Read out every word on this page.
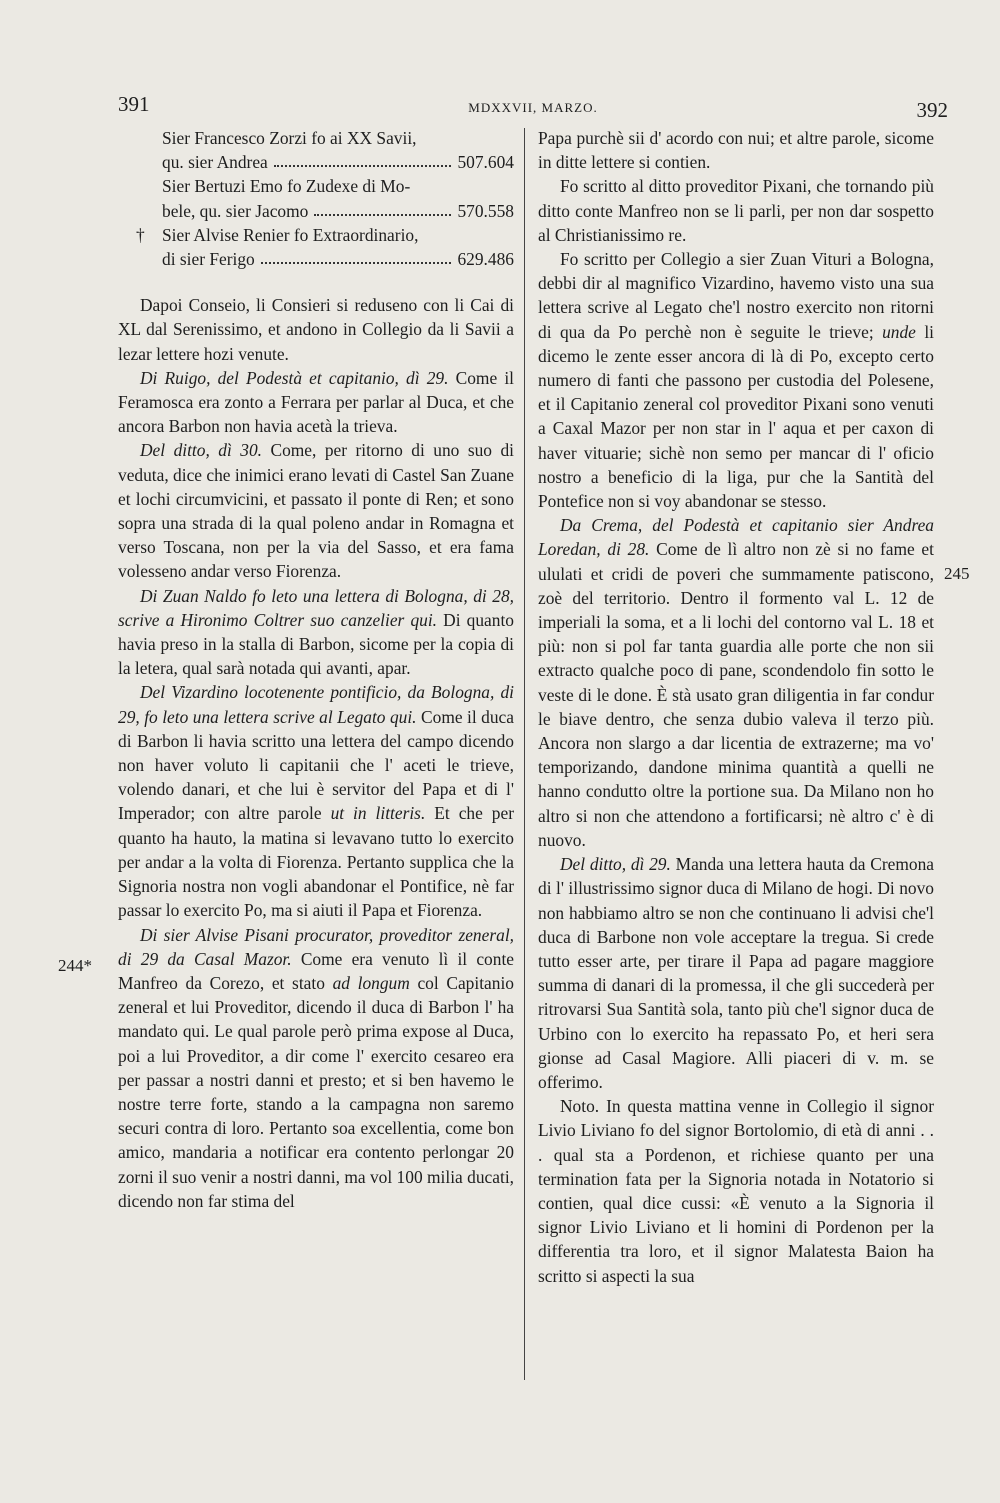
391	MDXXVII, MARZO.	392
244*
245
Sier Francesco Zorzi fo ai XX Savii,
qu. sier Andrea	507.604
Sier Bertuzi Emo fo Zudexe di Mo-
bele, qu. sier Jacomo	570.558
† Sier Alvise Renier fo Extraordinario,
di sier Ferigo	629.486

Dapoi Conseio, li Consieri si reduseno con li Cai di XL dal Serenissimo, et andono in Collegio da li Savii a lezar lettere hozi venute.

Di Ruigo, del Podestà et capitanio, dì 29. Come il Feramosca era zonto a Ferrara per parlar al Duca, et che ancora Barbon non havia acetà la trieva.

Del ditto, dì 30. Come, per ritorno di uno suo di veduta, dice che inimici erano levati di Castel San Zuane et lochi circumvicini, et passato il ponte di Ren; et sono sopra una strada di la qual poleno andar in Romagna et verso Toscana, non per la via del Sasso, et era fama volesseno andar verso Fiorenza.

Di Zuan Naldo fo leto una lettera di Bologna, di 28, scrive a Hironimo Coltrer suo canzelier qui. Di quanto havia preso in la stalla di Barbon, sicome per la copia di la letera, qual sarà notada qui avanti, apar.

Del Vizardino locotenente pontificio, da Bologna, di 29, fo leto una lettera scrive al Legato qui. Come il duca di Barbon li havia scritto una lettera del campo dicendo non haver voluto li capitanii che l' aceti le trieve, volendo danari, et che lui è servitor del Papa et di l' Imperador; con altre parole ut in litteris. Et che per quanto ha hauto, la matina si levavano tutto lo exercito per andar a la volta di Fiorenza. Pertanto supplica che la Signoria nostra non vogli abandonar el Pontifice, nè far passar lo exercito Po, ma si aiuti il Papa et Fiorenza.

Di sier Alvise Pisani procurator, proveditor zeneral, di 29 da Casal Mazor. Come era venuto lì il conte Manfreo da Corezo, et stato ad longum col Capitanio zeneral et lui Proveditor, dicendo il duca di Barbon l' ha mandato qui. Le qual parole però prima expose al Duca, poi a lui Proveditor, a dir come l' exercito cesareo era per passar a nostri danni et presto; et si ben havemo le nostre terre forte, stando a la campagna non saremo securi contra di loro. Pertanto soa excellentia, come bon amico, mandaria a notificar era contento perlongar 20 zorni il suo venir a nostri danni, ma vol 100 milia ducati, dicendo non far stima del

Papa purchè sii d' acordo con nui; et altre parole, sicome in ditte lettere si contien.

Fo scritto al ditto proveditor Pixani, che tornando più ditto conte Manfreo non se li parli, per non dar sospetto al Christianissimo re.

Fo scritto per Collegio a sier Zuan Vituri a Bologna, debbi dir al magnifico Vizardino, havemo visto una sua lettera scrive al Legato che'l nostro exercito non ritorni di qua da Po perchè non è seguite le trieve; unde li dicemo le zente esser ancora di là di Po, excepto certo numero di fanti che passono per custodia del Polesene, et il Capitanio zeneral col proveditor Pixani sono venuti a Caxal Mazor per non star in l' aqua et per caxon di haver vituarie; sichè non semo per mancar di l' oficio nostro a beneficio di la liga, pur che la Santità del Pontefice non si voy abandonar se stesso.

Da Crema, del Podestà et capitanio sier Andrea Loredan, di 28. Come de lì altro non zè si no fame et ululati et cridi de poveri che summamente patiscono, zoè del territorio. Dentro il formento val L. 12 de imperiali la soma, et a li lochi del contorno val L. 18 et più: non si pol far tanta guardia alle porte che non sii extracto qualche poco di pane, scondendolo fin sotto le veste di le done. È stà usato gran diligentia in far condur le biave dentro, che senza dubio valeva il terzo più. Ancora non slargo a dar licentia de extrazerne; ma vo' temporizando, dandone minima quantità a quelli ne hanno condutto oltre la portione sua. Da Milano non ho altro si non che attendono a fortificarsi; nè altro c' è di nuovo.

Del ditto, dì 29. Manda una lettera hauta da Cremona di l' illustrissimo signor duca di Milano de hogi. Di novo non habbiamo altro se non che continuano li advisi che'l duca di Barbone non vole acceptare la tregua. Si crede tutto esser arte, per tirare il Papa ad pagare maggiore summa di danari di la promessa, il che gli succederà per ritrovarsi Sua Santità sola, tanto più che'l signor duca de Urbino con lo exercito ha repassato Po, et heri sera gionse ad Casal Magiore. Alli piaceri di v. m. se offerimo.

Noto. In questa mattina venne in Collegio il signor Livio Liviano fo del signor Bortolomio, di età di anni . . . qual sta a Pordenon, et richiese quanto per una termination fata per la Signoria notada in Notatorio si contien, qual dice cussi: «È venuto a la Signoria il signor Livio Liviano et li homini di Pordenon per la differentia tra loro, et il signor Malatesta Baion ha scritto si aspecti la sua
